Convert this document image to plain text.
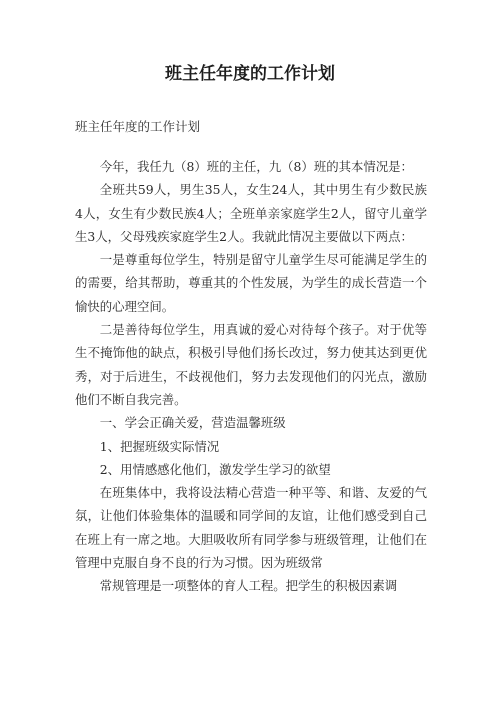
班主任年度的工作计划
班主任年度的工作计划

今年，我任九（8）班的主任，九（8）班的其本情况是：

全班共59人，男生35人，女生24人，其中男生有少数民族4人，女生有少数民族4人；全班单亲家庭学生2人，留守儿童学生3人，父母残疾家庭学生2人。我就此情况主要做以下两点：

一是尊重每位学生，特别是留守儿童学生尽可能满足学生的的需要，给其帮助，尊重其的个性发展，为学生的成长营造一个愉快的心理空间。

二是善待每位学生，用真诚的爱心对待每个孩子。对于优等生不掩饰他的缺点，积极引导他们扬长改过，努力使其达到更优秀，对于后进生，不歧视他们，努力去发现他们的闪光点，激励他们不断自我完善。

一、学会正确关爱，营造温馨班级

1、把握班级实际情况

2、用情感感化他们，激发学生学习的欲望

在班集体中，我将设法精心营造一种平等、和谐、友爱的气氛，让他们体验集体的温暖和同学间的友谊，让他们感受到自己在班上有一席之地。大胆吸收所有同学参与班级管理，让他们在管理中克服自身不良的行为习惯。因为班级常

常规管理是一项整体的育人工程。把学生的积极因素调
